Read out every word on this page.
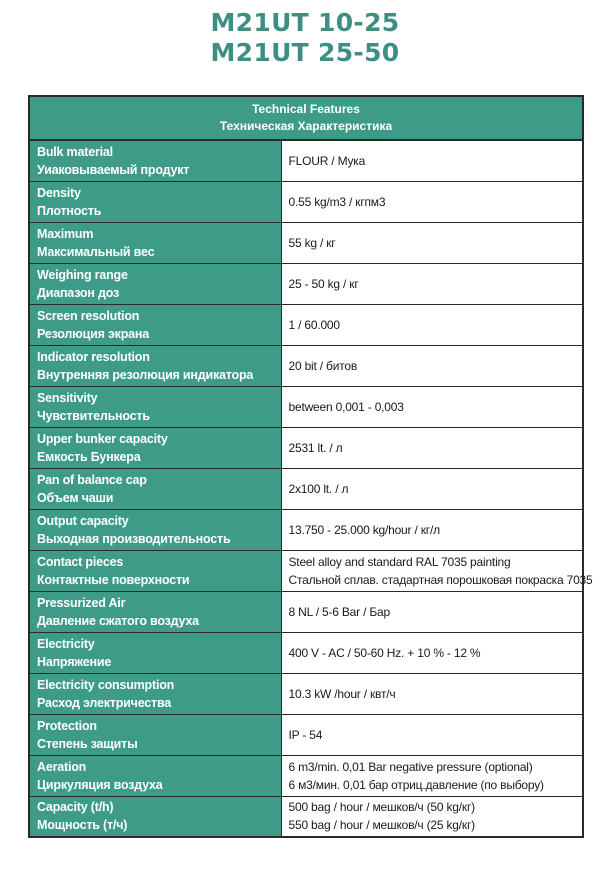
M21UT 10-25
M21UT 25-50
Technical Features
Техническая Характеристика	

Bulk material
Уиаковываемый продукт	FLOUR / Мука

Density
Плотность	0.55 kg/m3 / кгпм3

Maximum
Максимальный вес	55 kg / кг

Weighing range
Диапазон доз	25 - 50 kg / кг

Screen resolution
Резолюция экрана	1 / 60.000

Indicator resolution
Внутренняя резолюция индикатора	20 bit / битов

Sensitivity
Чувствительность	between 0,001 - 0,003

Upper bunker capacity
Емкость Бункера	2531 lt. / л

Pan of balance cap
Объем чаши	2x100 lt. / л

Output capacity
Выходная производительность	13.750 - 25.000 kg/hour / кг/л

Contact pieces
Контактные поверхности	Steel alloy and standard RAL 7035 painting
Стальной сплав. стадартная порошковая покраска 7035

Pressurized Air
Давление сжатого воздуха	8 NL / 5-6 Bar / Бар

Electricity
Напряжение	400 V - AC / 50-60 Hz. + 10 % - 12 %

Electricity consumption
Расход электричества	10.3 kW /hour / квт/ч

Protection
Степень защиты	IP - 54

Aeration
Циркуляция воздуха	6 m3/min. 0,01 Bar negative pressure (optional)
6 м3/мин. 0,01 бар отриц.давление (по выбору)

Capacity (t/h)
Мощность (т/ч)	500 bag / hour / мешков/ч (50 kg/кг)
550 bag / hour / мешков/ч (25 kg/кг)
